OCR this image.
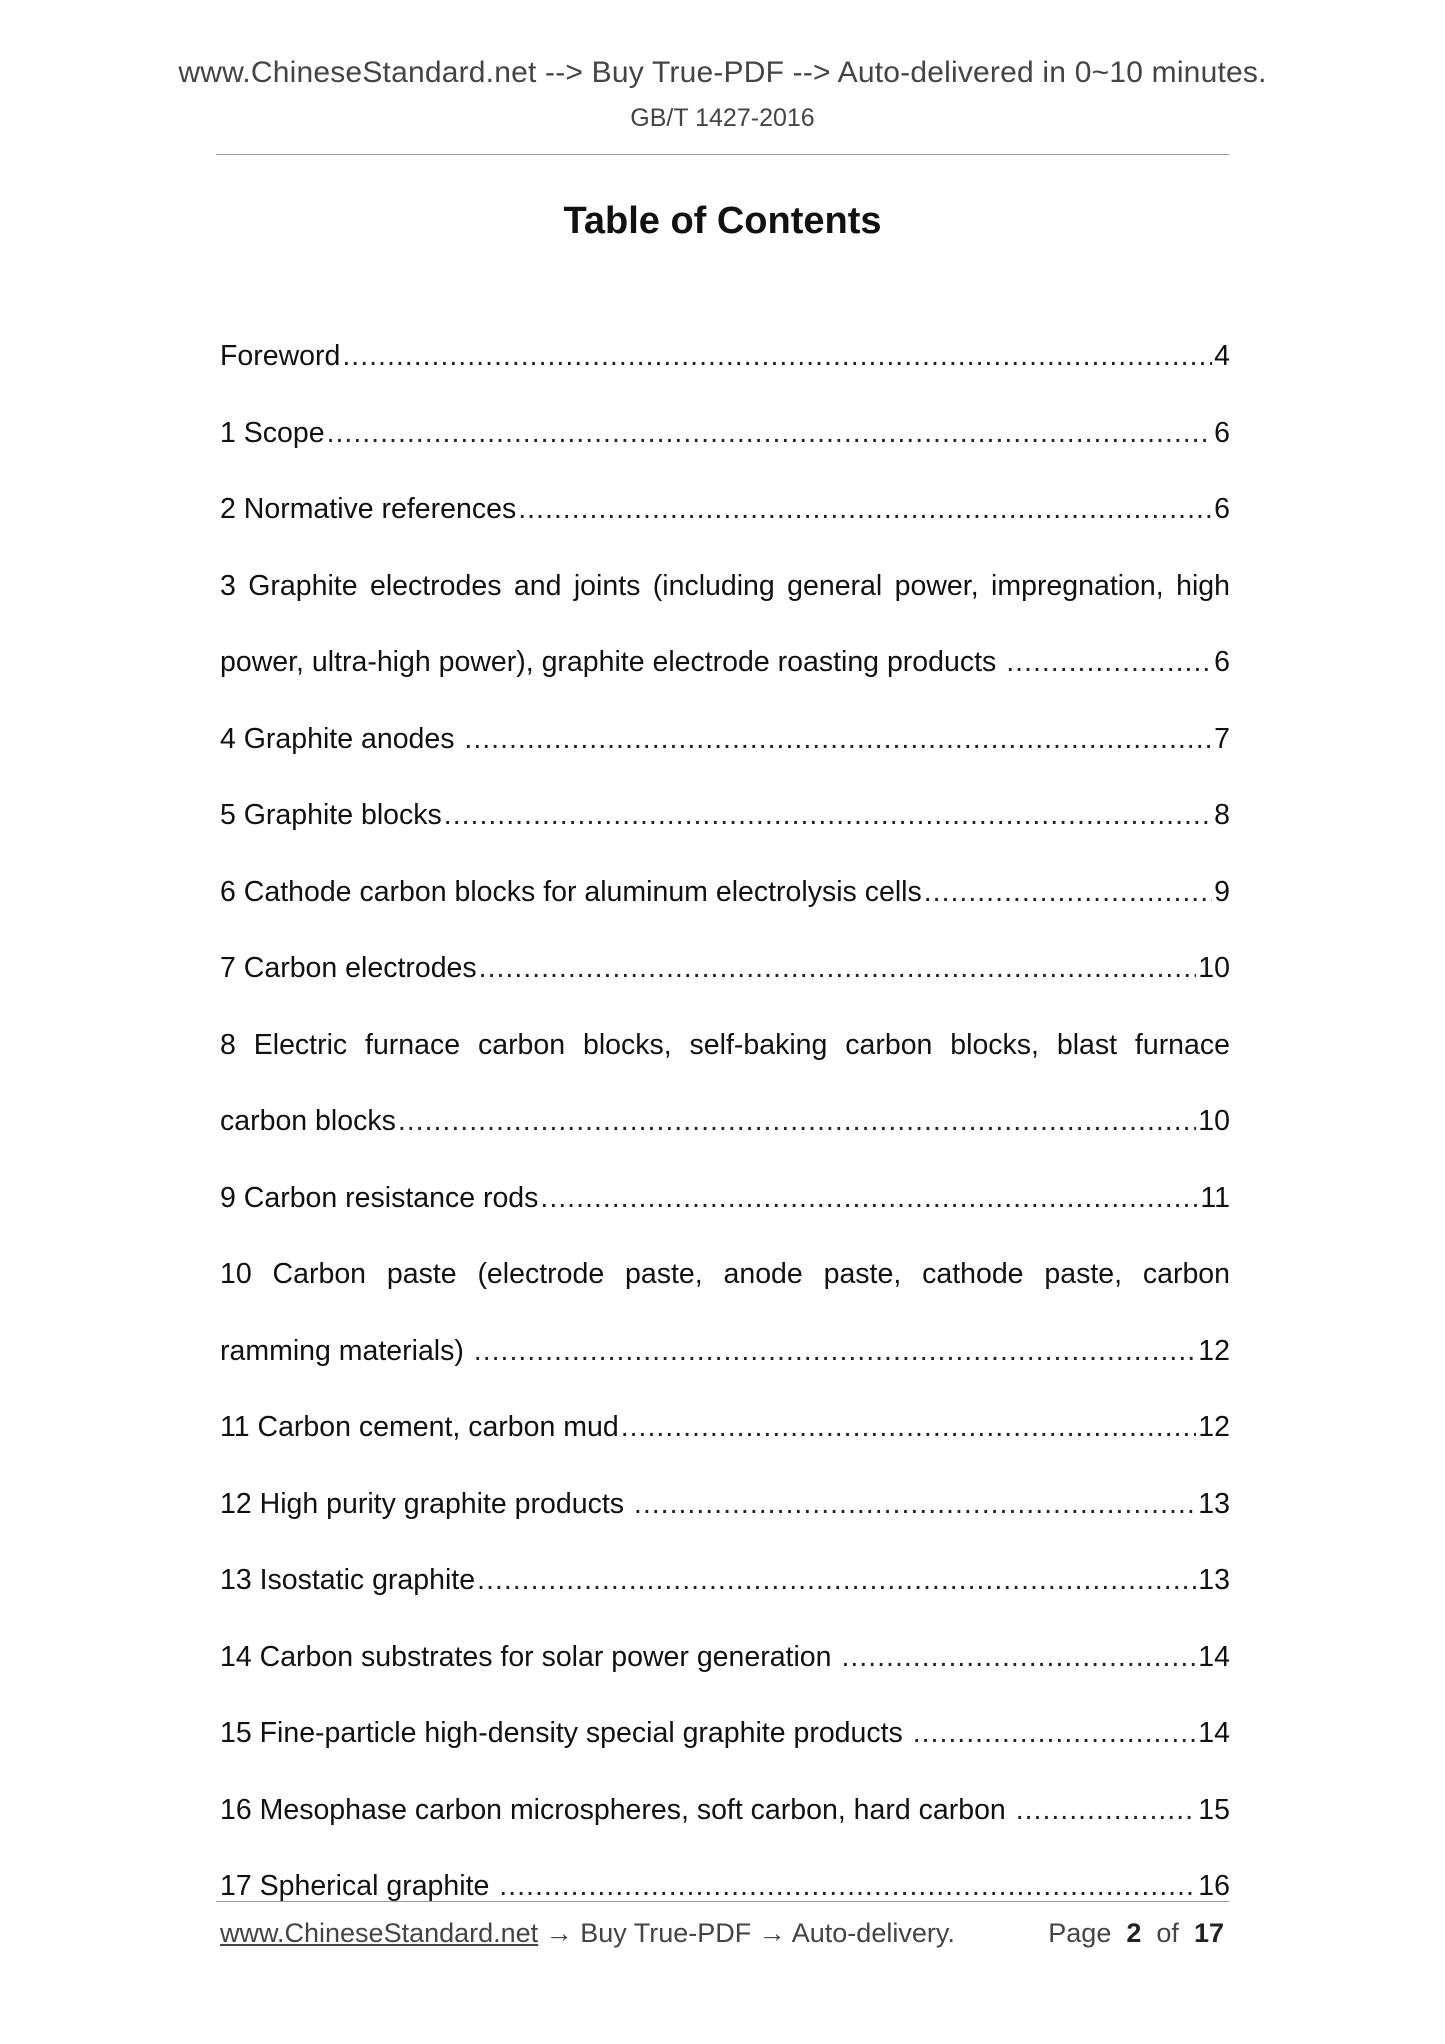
www.ChineseStandard.net --> Buy True-PDF --> Auto-delivered in 0~10 minutes.
GB/T 1427-2016
Table of Contents
Foreword .....	4
1 Scope .....	6
2 Normative references .....	6
3 Graphite electrodes and joints (including general power, impregnation, high
power, ultra-high power), graphite electrode roasting products .....	6
4 Graphite anodes .....	7
5 Graphite blocks .....	8
6 Cathode carbon blocks for aluminum electrolysis cells .....	9
7 Carbon electrodes .....	10
8 Electric furnace carbon blocks, self-baking carbon blocks, blast furnace
carbon blocks .....	10
9 Carbon resistance rods .....	11
10 Carbon paste (electrode paste, anode paste, cathode paste, carbon
ramming materials) .....	12
11 Carbon cement, carbon mud .....	12
12 High purity graphite products .....	13
13 Isostatic graphite .....	13
14 Carbon substrates for solar power generation .....	14
15 Fine-particle high-density special graphite products .....	14
16 Mesophase carbon microspheres, soft carbon, hard carbon .....	15
17 Spherical graphite .....	16
www.ChineseStandard.net → Buy True-PDF → Auto-delivery.	Page 2 of 17
